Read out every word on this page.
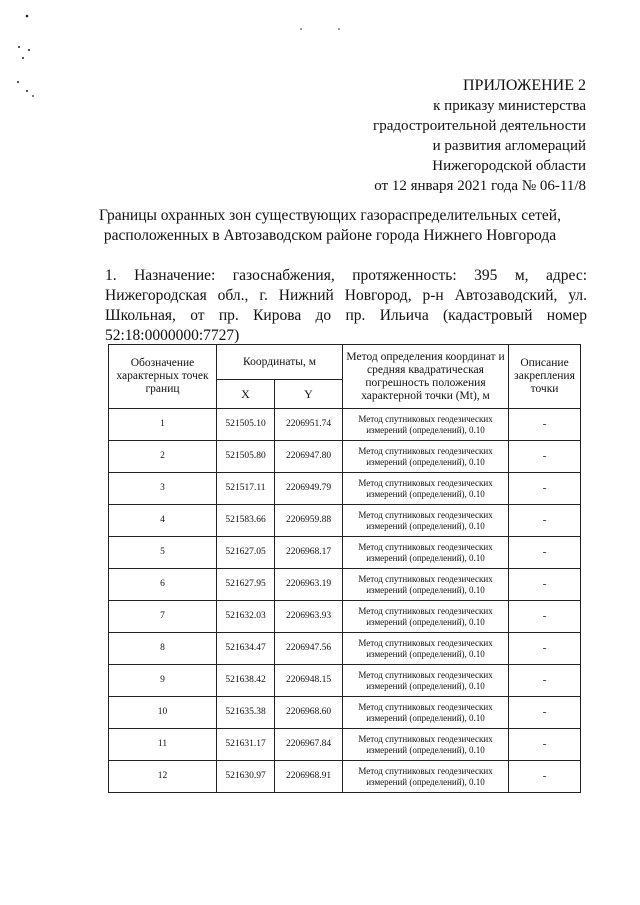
ПРИЛОЖЕНИЕ 2
к приказу министерства
градостроительной деятельности
и развития агломераций
Нижегородской области
от 12 января 2021 года № 06-11/8
Границы охранных зон существующих газораспределительных сетей, расположенных в Автозаводском районе города Нижнего Новгорода
1. Назначение: газоснабжения, протяженность: 395 м, адрес: Нижегородская обл., г. Нижний Новгород, р-н Автозаводский, ул. Школьная, от пр. Кирова до пр. Ильича (кадастровый номер 52:18:0000000:7727)
Обозначение характерных точек границ	Координаты, м		Метод определения координат и средняя квадратическая погрешность положения характерной точки (Mt), м	Описание закрепления точки
	X	Y		
1	521505.10	2206951.74	Метод спутниковых геодезических измерений (определений), 0.10	-
2	521505.80	2206947.80	Метод спутниковых геодезических измерений (определений), 0.10	-
3	521517.11	2206949.79	Метод спутниковых геодезических измерений (определений), 0.10	-
4	521583.66	2206959.88	Метод спутниковых геодезических измерений (определений), 0.10	-
5	521627.05	2206968.17	Метод спутниковых геодезических измерений (определений), 0.10	-
6	521627.95	2206963.19	Метод спутниковых геодезических измерений (определений), 0.10	-
7	521632.03	2206963.93	Метод спутниковых геодезических измерений (определений), 0.10	-
8	521634.47	2206947.56	Метод спутниковых геодезических измерений (определений), 0.10	-
9	521638.42	2206948.15	Метод спутниковых геодезических измерений (определений), 0.10	-
10	521635.38	2206968.60	Метод спутниковых геодезических измерений (определений), 0.10	-
11	521631.17	2206967.84	Метод спутниковых геодезических измерений (определений), 0.10	-
12	521630.97	2206968.91	Метод спутниковых геодезических измерений (определений), 0.10	-
